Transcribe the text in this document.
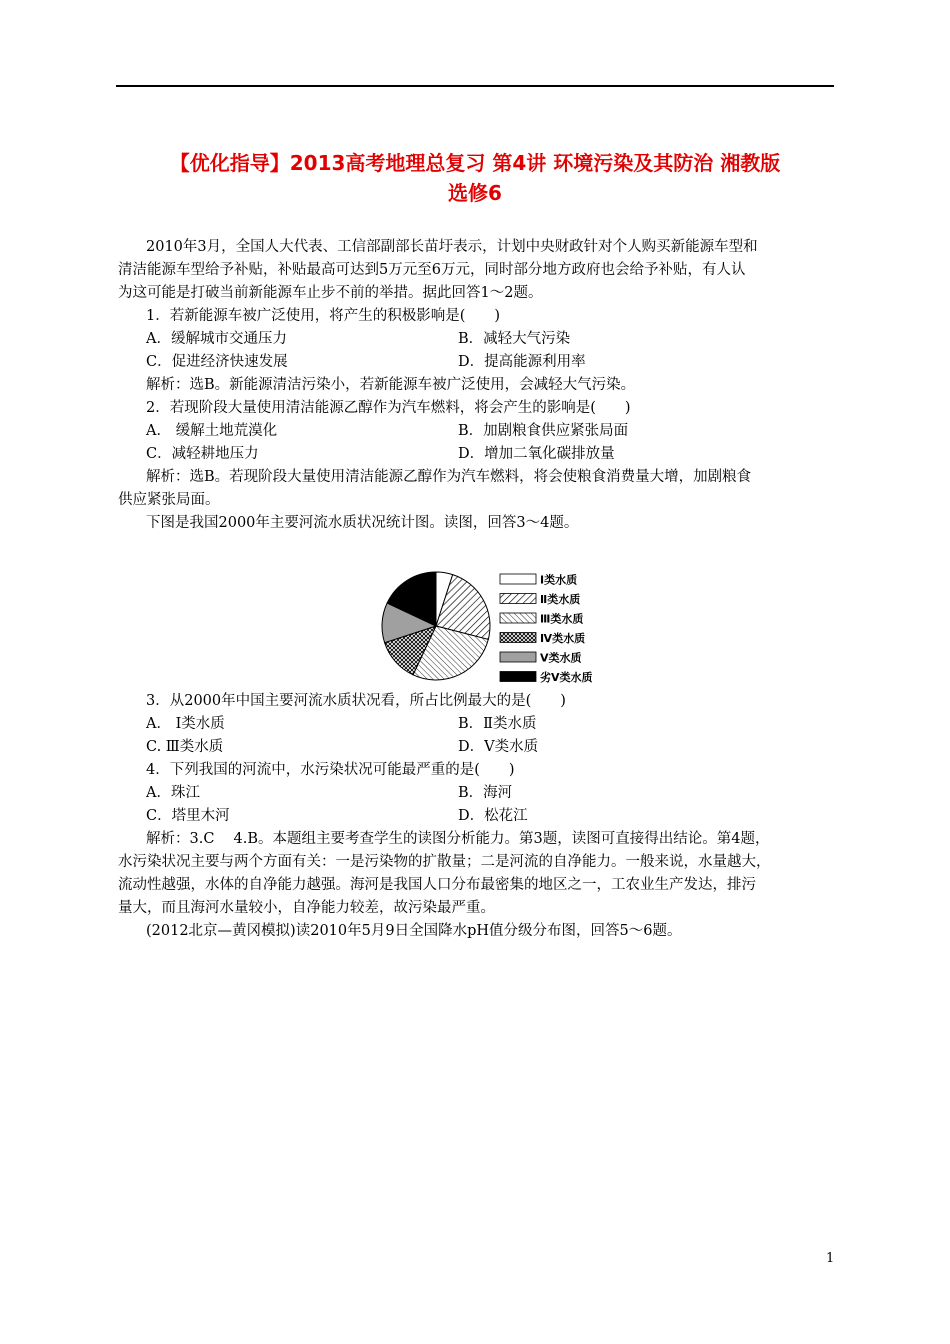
【优化指导】2013高考地理总复习 第4讲 环境污染及其防治 湘教版
选修6
2010年3月，全国人大代表、工信部副部长苗圩表示，计划中央财政针对个人购买新能源车型和
清洁能源车型给予补贴，补贴最高可达到5万元至6万元，同时部分地方政府也会给予补贴，有人认
为这可能是打破当前新能源车止步不前的举措。据此回答1～2题。
1．若新能源车被广泛使用，将产生的积极影响是(　　)
A．缓解城市交通压力	B．减轻大气污染
C．促进经济快速发展	D．提高能源利用率
解析：选B。新能源清洁污染小，若新能源车被广泛使用，会减轻大气污染。
2．若现阶段大量使用清洁能源乙醇作为汽车燃料，将会产生的影响是(　　)
A． 缓解土地荒漠化	B．加剧粮食供应紧张局面
C．减轻耕地压力	D．增加二氧化碳排放量
解析：选B。若现阶段大量使用清洁能源乙醇作为汽车燃料，将会使粮食消费量大增，加剧粮食
供应紧张局面。
下图是我国2000年主要河流水质状况统计图。读图，回答3～4题。
Ⅰ类水质
Ⅱ类水质
Ⅲ类水质
Ⅳ类水质
Ⅴ类水质
劣Ⅴ类水质
3．从2000年中国主要河流水质状况看，所占比例最大的是(　　)
A． Ⅰ类水质	B．Ⅱ类水质
C. Ⅲ类水质	D．Ⅴ类水质
4．下列我国的河流中，水污染状况可能最严重的是(　　)
A．珠江	B．海河
C．塔里木河	D．松花江
解析：3.C　 4.B。本题组主要考查学生的读图分析能力。第3题，读图可直接得出结论。第4题，
水污染状况主要与两个方面有关：一是污染物的扩散量；二是河流的自净能力。一般来说，水量越大，
流动性越强，水体的自净能力越强。海河是我国人口分布最密集的地区之一，工农业生产发达，排污
量大，而且海河水量较小，自净能力较差，故污染最严重。
(2012北京—黄冈模拟)读2010年5月9日全国降水pH值分级分布图，回答5～6题。
1
